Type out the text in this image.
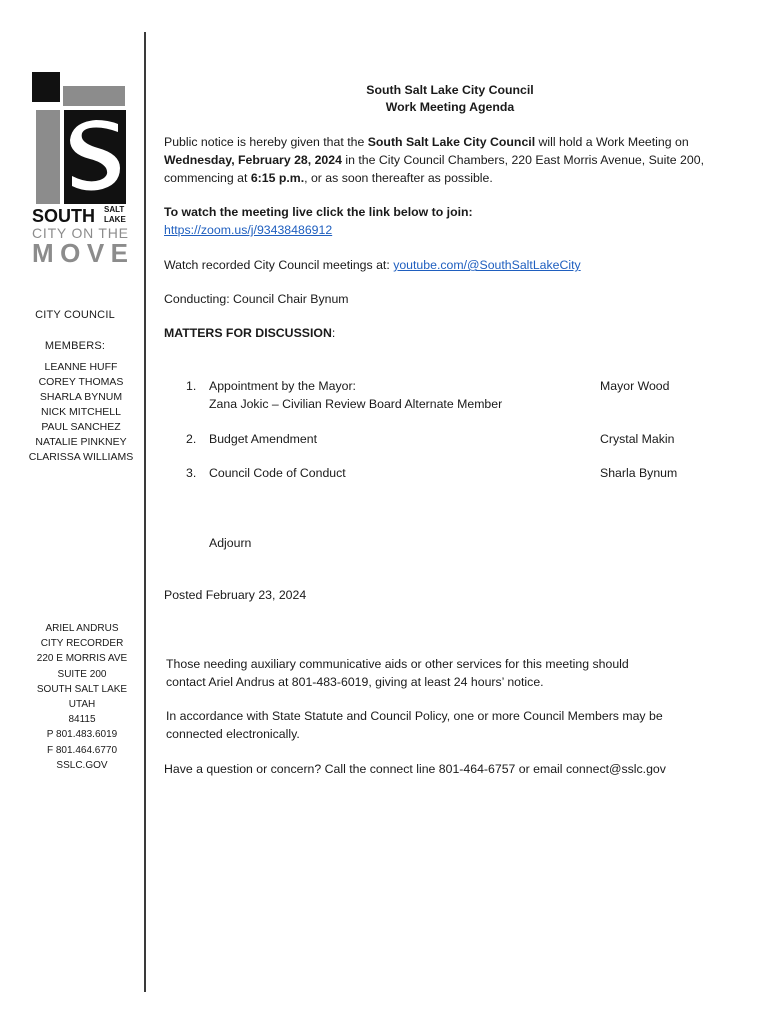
SOUTH SALT
LAKE
CITY ON THE
MOVE
CITY COUNCIL
MEMBERS:
LEANNE HUFF
COREY THOMAS
SHARLA BYNUM
NICK MITCHELL
PAUL SANCHEZ
NATALIE PINKNEY
CLARISSA WILLIAMS
ARIEL ANDRUS
CITY RECORDER
220 E MORRIS AVE
SUITE 200
SOUTH SALT LAKE
UTAH
84115
P 801.483.6019
F 801.464.6770
SSLC.GOV
South Salt Lake City Council
Work Meeting Agenda
Public notice is hereby given that the South Salt Lake City Council will hold a Work Meeting on
Wednesday, February 28, 2024 in the City Council Chambers, 220 East Morris Avenue, Suite 200,
commencing at 6:15 p.m., or as soon thereafter as possible.
To watch the meeting live click the link below to join:
https://zoom.us/j/93438486912
Watch recorded City Council meetings at: youtube.com/@SouthSaltLakeCity
Conducting: Council Chair Bynum
MATTERS FOR DISCUSSION:
1. Appointment by the Mayor:	Mayor Wood
Zana Jokic – Civilian Review Board Alternate Member
2. Budget Amendment	Crystal Makin
3. Council Code of Conduct	Sharla Bynum
Adjourn
Posted February 23, 2024
Those needing auxiliary communicative aids or other services for this meeting should
contact Ariel Andrus at 801-483-6019, giving at least 24 hours’ notice.
In accordance with State Statute and Council Policy, one or more Council Members may be
connected electronically.
Have a question or concern? Call the connect line 801-464-6757 or email connect@sslc.gov
